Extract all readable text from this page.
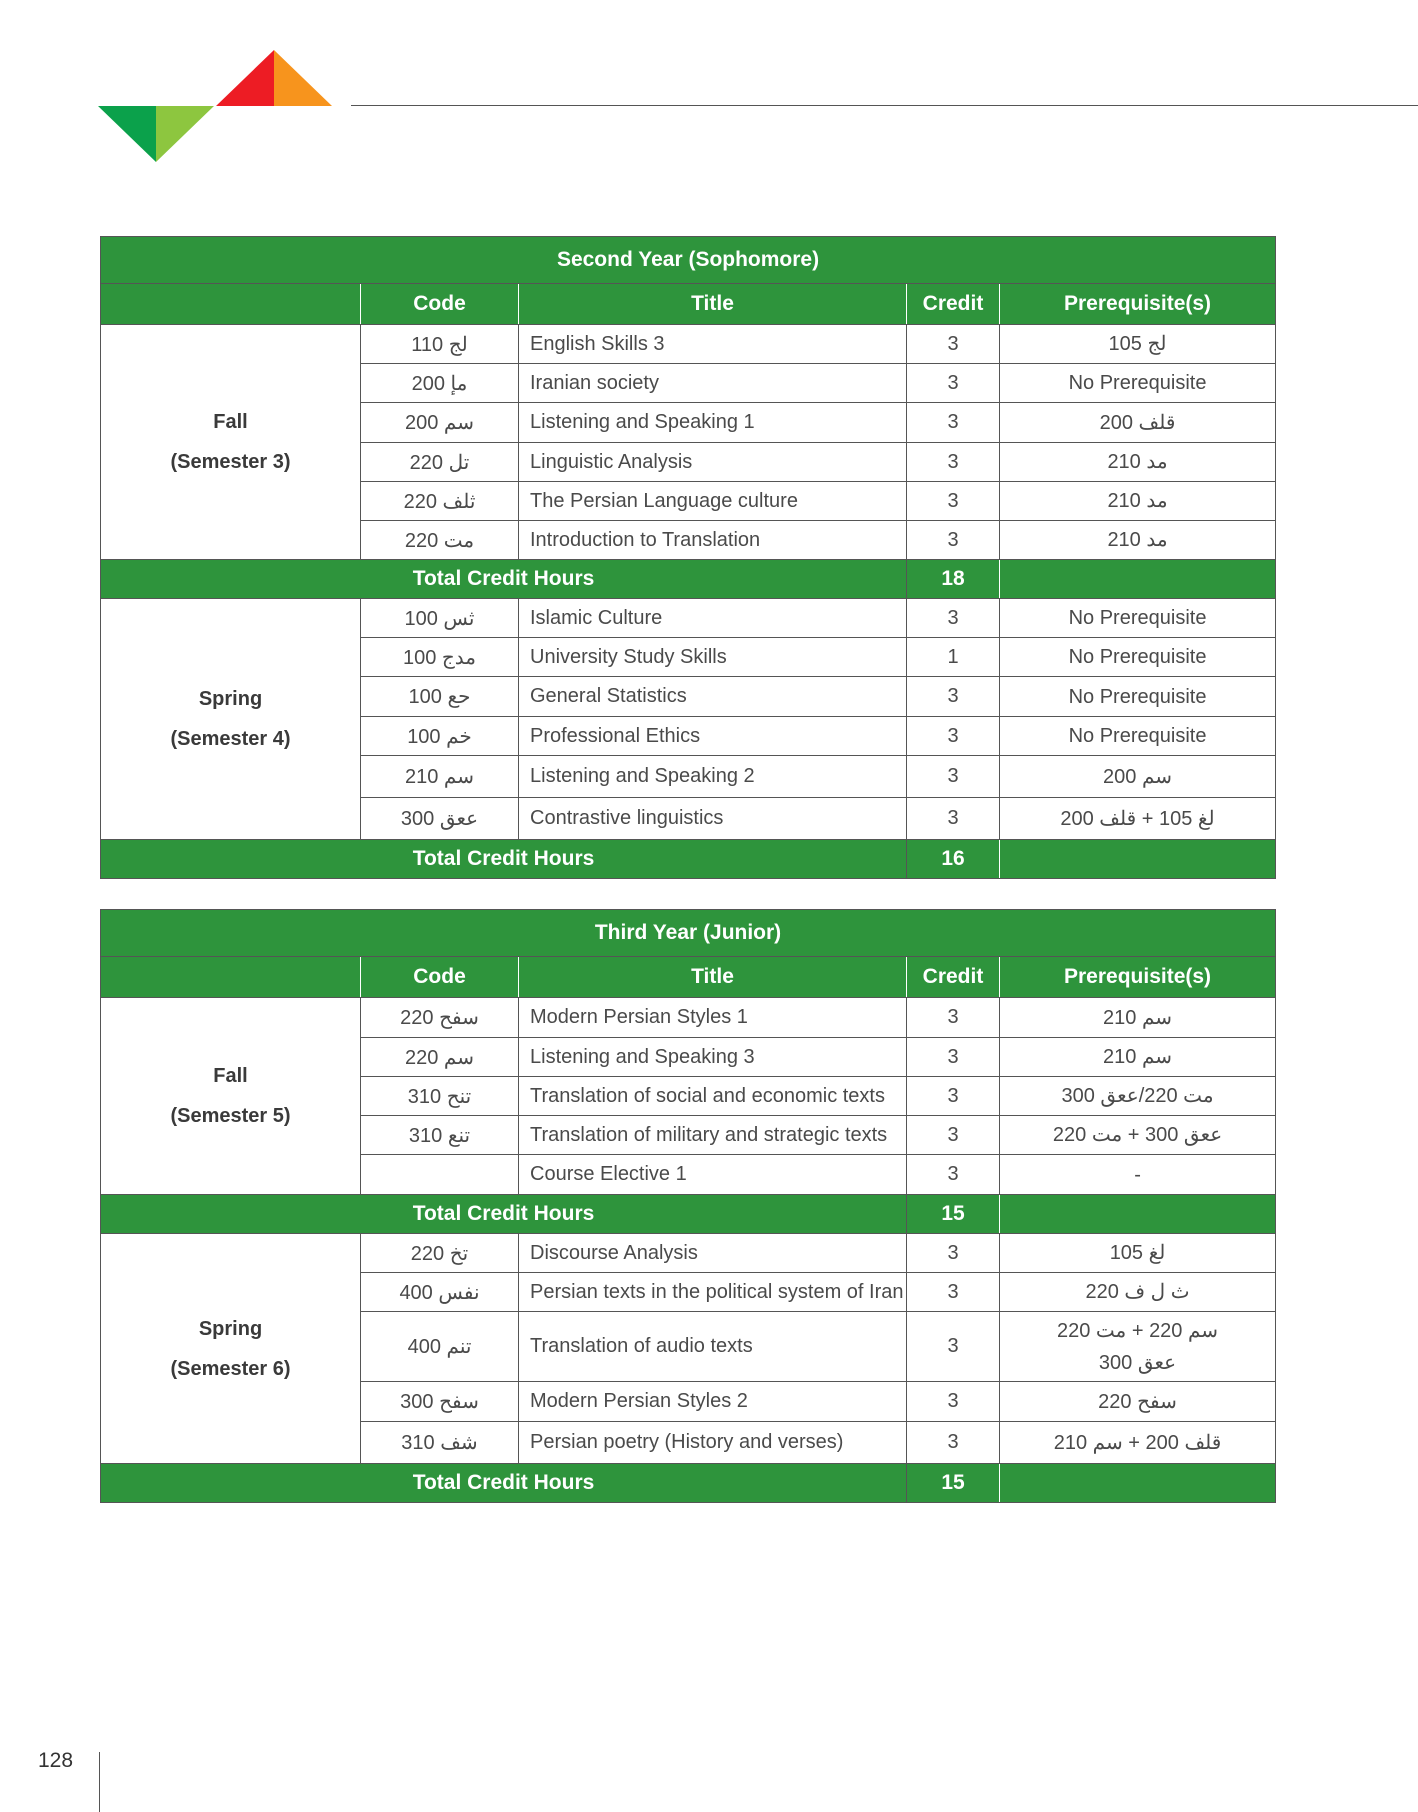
Second Year (Sophomore)				
	Code	Title	Credit	Prerequisite(s)

Fall
(Semester 3)	لج 110	English Skills 3	3	لج 105
	مإ 200	Iranian society	3	No Prerequisite
	سم 200	Listening and Speaking 1	3	قلف 200
	تل 220	Linguistic Analysis	3	مد 210
	ثلف 220	The Persian Language culture	3	مد 210
	مت 220	Introduction to Translation	3	مد 210
Total Credit Hours			18	

Spring
(Semester 4)	ثس 100	Islamic Culture	3	No Prerequisite
	مدج 100	University Study Skills	1	No Prerequisite
	حع 100	General Statistics	3	No Prerequisite
	خم 100	Professional Ethics	3	No Prerequisite
	سم 210	Listening and Speaking 2	3	سم 200
	ععق 300	Contrastive linguistics	3	لغ 105 + قلف 200
Total Credit Hours			16	
Third Year (Junior)				
	Code	Title	Credit	Prerequisite(s)

Fall
(Semester 5)	سفح 220	Modern Persian Styles 1	3	سم 210
	سم 220	Listening and Speaking 3	3	سم 210
	تنح 310	Translation of social and economic texts	3	مت 220/ععق 300
	تنع 310	Translation of military and strategic texts	3	ععق 300 + مت 220
		Course Elective 1	3	-
Total Credit Hours			15	

Spring
(Semester 6)	تخ 220	Discourse Analysis	3	لغ 105
	نفس 400	Persian texts in the political system of Iran	3	ث ل ف 220
	تنم 400	Translation of audio texts	3	سم 220 + مت 220
ععق 300

	سفح 300	Modern Persian Styles 2	3	سفح 220
	شف 310	Persian poetry (History and verses)	3	قلف 200 + سم 210
Total Credit Hours			15	
128
